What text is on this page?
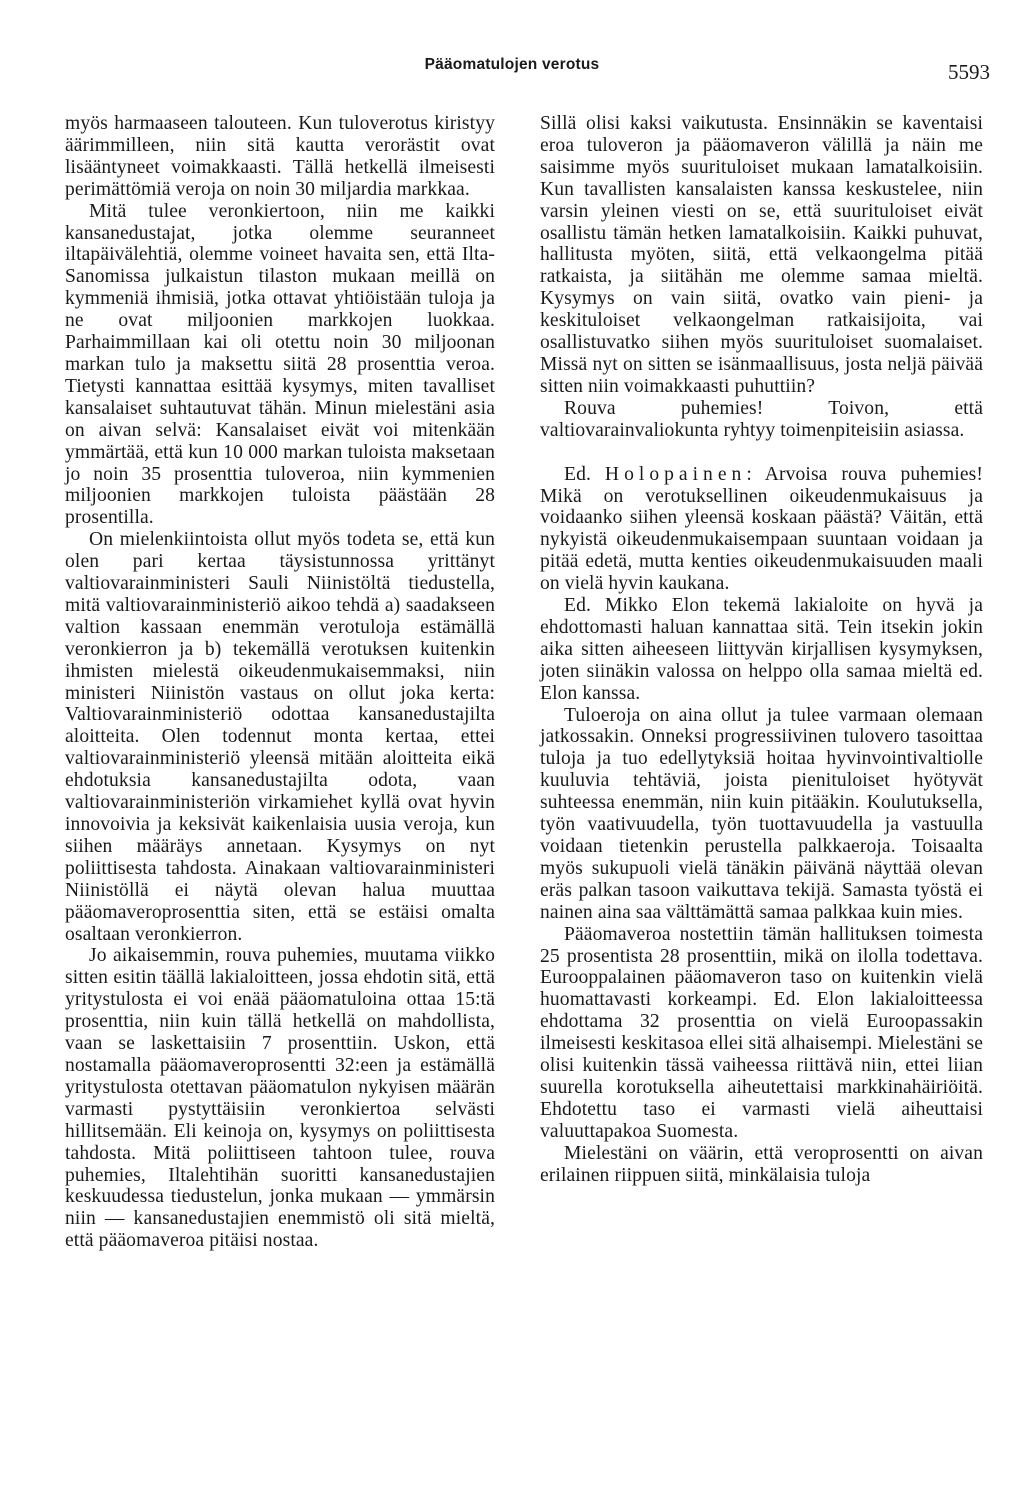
Pääomatulojen verotus	5593

myös harmaaseen talouteen. Kun tuloverotus kiristyy äärimmilleen, niin sitä kautta verorästit ovat lisääntyneet voimakkaasti. Tällä hetkellä ilmeisesti perimättömiä veroja on noin 30 miljardia markkaa.

Mitä tulee veronkiertoon, niin me kaikki kansanedustajat, jotka olemme seuranneet iltapäivälehtiä, olemme voineet havaita sen, että Ilta-Sanomissa julkaistun tilaston mukaan meillä on kymmeniä ihmisiä, jotka ottavat yhtiöistään tuloja ja ne ovat miljoonien markkojen luokkaa. Parhaimmillaan kai oli otettu noin 30 miljoonan markan tulo ja maksettu siitä 28 prosenttia veroa. Tietysti kannattaa esittää kysymys, miten tavalliset kansalaiset suhtautuvat tähän. Minun mielestäni asia on aivan selvä: Kansalaiset eivät voi mitenkään ymmärtää, että kun 10 000 markan tuloista maksetaan jo noin 35 prosenttia tuloveroa, niin kymmenien miljoonien markkojen tuloista päästään 28 prosentilla.

On mielenkiintoista ollut myös todeta se, että kun olen pari kertaa täysistunnossa yrittänyt valtiovarainministeri Sauli Niinistöltä tiedustella, mitä valtiovarainministeriö aikoo tehdä a) saadakseen valtion kassaan enemmän verotuloja estämällä veronkierron ja b) tekemällä verotuksen kuitenkin ihmisten mielestä oikeudenmukaisemmaksi, niin ministeri Niinistön vastaus on ollut joka kerta: Valtiovarainministeriö odottaa kansanedustajilta aloitteita. Olen todennut monta kertaa, ettei valtiovarainministeriö yleensä mitään aloitteita eikä ehdotuksia kansanedustajilta odota, vaan valtiovarainministeriön virkamiehet kyllä ovat hyvin innovoivia ja keksivät kaikenlaisia uusia veroja, kun siihen määräys annetaan. Kysymys on nyt poliittisesta tahdosta. Ainakaan valtiovarainministeri Niinistöllä ei näytä olevan halua muuttaa pääomaveroprosenttia siten, että se estäisi omalta osaltaan veronkierron.

Jo aikaisemmin, rouva puhemies, muutama viikko sitten esitin täällä lakialoitteen, jossa ehdotin sitä, että yritystulosta ei voi enää pääomatuloina ottaa 15:tä prosenttia, niin kuin tällä hetkellä on mahdollista, vaan se laskettaisiin 7 prosenttiin. Uskon, että nostamalla pääomaveroprosentti 32:een ja estämällä yritystulosta otettavan pääomatulon nykyisen määrän varmasti pystyttäisiin veronkiertoa selvästi hillitsemään. Eli keinoja on, kysymys on poliittisesta tahdosta. Mitä poliittiseen tahtoon tulee, rouva puhemies, Iltalehtihän suoritti kansanedustajien keskuudessa tiedustelun, jonka mukaan — ymmärsin niin — kansanedustajien enemmistö oli sitä mieltä, että pääomaveroa pitäisi nostaa.

Sillä olisi kaksi vaikutusta. Ensinnäkin se kaventaisi eroa tuloveron ja pääomaveron välillä ja näin me saisimme myös suurituloiset mukaan lamatalkoisiin. Kun tavallisten kansalaisten kanssa keskustelee, niin varsin yleinen viesti on se, että suurituloiset eivät osallistu tämän hetken lamatalkoisiin. Kaikki puhuvat, hallitusta myöten, siitä, että velkaongelma pitää ratkaista, ja siitähän me olemme samaa mieltä. Kysymys on vain siitä, ovatko vain pieni- ja keskituloiset velkaongelman ratkaisijoita, vai osallistuvatko siihen myös suurituloiset suomalaiset. Missä nyt on sitten se isänmaallisuus, josta neljä päivää sitten niin voimakkaasti puhuttiin?

Rouva puhemies! Toivon, että valtiovarainvaliokunta ryhtyy toimenpiteisiin asiassa.

Ed. Holopainen: Arvoisa rouva puhemies! Mikä on verotuksellinen oikeudenmukaisuus ja voidaanko siihen yleensä koskaan päästä? Väitän, että nykyistä oikeudenmukaisempaan suuntaan voidaan ja pitää edetä, mutta kenties oikeudenmukaisuuden maali on vielä hyvin kaukana.

Ed. Mikko Elon tekemä lakialoite on hyvä ja ehdottomasti haluan kannattaa sitä. Tein itsekin jokin aika sitten aiheeseen liittyvän kirjallisen kysymyksen, joten siinäkin valossa on helppo olla samaa mieltä ed. Elon kanssa.

Tuloeroja on aina ollut ja tulee varmaan olemaan jatkossakin. Onneksi progressiivinen tulovero tasoittaa tuloja ja tuo edellytyksiä hoitaa hyvinvointivaltiolle kuuluvia tehtäviä, joista pienituloiset hyötyvät suhteessa enemmän, niin kuin pitääkin. Koulutuksella, työn vaativuudella, työn tuottavuudella ja vastuulla voidaan tietenkin perustella palkkaeroja. Toisaalta myös sukupuoli vielä tänäkin päivänä näyttää olevan eräs palkan tasoon vaikuttava tekijä. Samasta työstä ei nainen aina saa välttämättä samaa palkkaa kuin mies.

Pääomaveroa nostettiin tämän hallituksen toimesta 25 prosentista 28 prosenttiin, mikä on ilolla todettava. Eurooppalainen pääomaveron taso on kuitenkin vielä huomattavasti korkeampi. Ed. Elon lakialoitteessa ehdottama 32 prosenttia on vielä Euroopassakin ilmeisesti keskitasoa ellei sitä alhaisempi. Mielestäni se olisi kuitenkin tässä vaiheessa riittävä niin, ettei liian suurella korotuksella aiheutettaisi markkinahäiriöitä. Ehdotettu taso ei varmasti vielä aiheuttaisi valuuttapakoa Suomesta.

Mielestäni on väärin, että veroprosentti on aivan erilainen riippuen siitä, minkälaisia tuloja
